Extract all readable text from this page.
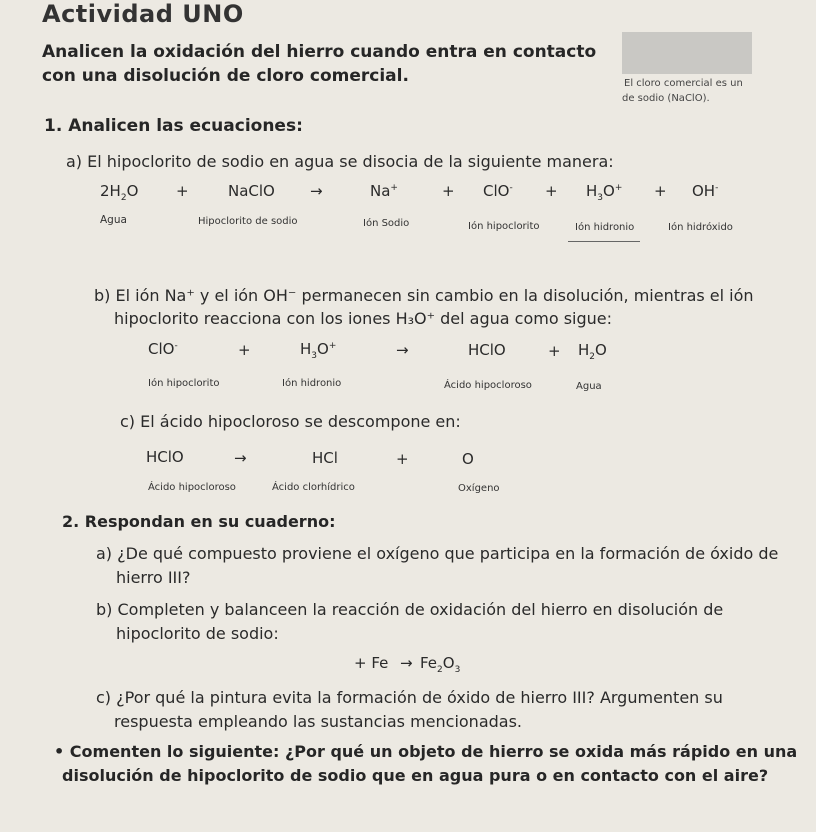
Actividad UNO
Analicen la oxidación del hierro cuando entra en contacto
con una disolución de cloro comercial.	El cloro comercial es un
de sodio (NaClO).
1. Analicen las ecuaciones:
a) El hipoclorito de sodio en agua se disocia de la siguiente manera:
$2H_2O$	+	NaClO →	Na+	+ $ClO^- + H_3O^+ + OH^-$
Agua	Hipoclorito de sodio	Ión Sodio	Ión hipoclorito	Ión hidronio	Ión hidróxido
b) El ión Na⁺ y el ión OH⁻ permanecen sin cambio en la disolución, mientras el ión
hipoclorito reacciona con los iones H₃O⁺ del agua como sigue:
ClO-	+	$H_3O^+$	→	HClO	+ $H_2O$
Ión hipoclorito	Ión hidronio	Ácido hipocloroso	Agua
c) El ácido hipocloroso se descompone en:
HClO	→	HCl	+	O
Ácido hipocloroso	Ácido clorhídrico	Oxígeno
2. Respondan en su cuaderno:
a) ¿De qué compuesto proviene el oxígeno que participa en la formación de óxido de
hierro III?
b) Completen y balanceen la reacción de oxidación del hierro en disolución de
hipoclorito de sodio:
+ $Fe \to Fe_2O_3$
c) ¿Por qué la pintura evita la formación de óxido de hierro III? Argumenten su
respuesta empleando las sustancias mencionadas.
• Comenten lo siguiente: ¿Por qué un objeto de hierro se oxida más rápido en una
disolución de hipoclorito de sodio que en agua pura o en contacto con el aire?
